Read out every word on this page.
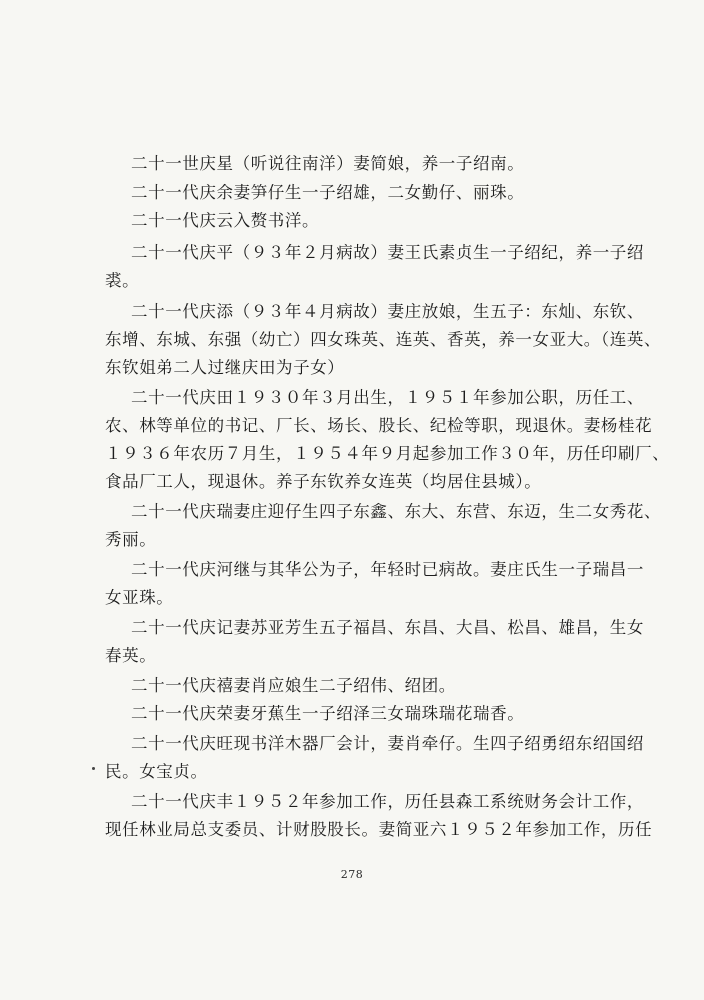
二十一世庆星（听说往南洋）妻简娘，养一子绍南。
二十一代庆余妻笋仔生一子绍雄，二女勤仔、丽珠。
二十一代庆云入赘书洋。
二十一代庆平（９３年２月病故）妻王氏素贞生一子绍纪，养一子绍
裘。
二十一代庆添（９３年４月病故）妻庄放娘，生五子：东灿、东钦、
东增、东城、东强（幼亡）四女珠英、连英、香英，养一女亚大。（连英、
东钦姐弟二人过继庆田为子女）
二十一代庆田１９３０年３月出生，１９５１年参加公职，历任工、
农、林等单位的书记、厂长、场长、股长、纪检等职，现退休。妻杨桂花
１９３６年农历７月生，１９５４年９月起参加工作３０年，历任印刷厂、
食品厂工人，现退休。养子东钦养女连英（均居住县城）。
二十一代庆瑞妻庄迎仔生四子东鑫、东大、东营、东迈，生二女秀花、
秀丽。
二十一代庆河继与其华公为子，年轻时已病故。妻庄氏生一子瑞昌一
女亚珠。
二十一代庆记妻苏亚芳生五子福昌、东昌、大昌、松昌、雄昌，生女
春英。
二十一代庆禧妻肖应娘生二子绍伟、绍团。
二十一代庆荣妻牙蕉生一子绍泽三女瑞珠瑞花瑞香。
二十一代庆旺现书洋木器厂会计，妻肖牵仔。生四子绍勇绍东绍国绍
民。女宝贞。
二十一代庆丰１９５２年参加工作，历任县森工系统财务会计工作，
现任林业局总支委员、计财股股长。妻简亚六１９５２年参加工作，历任
278
